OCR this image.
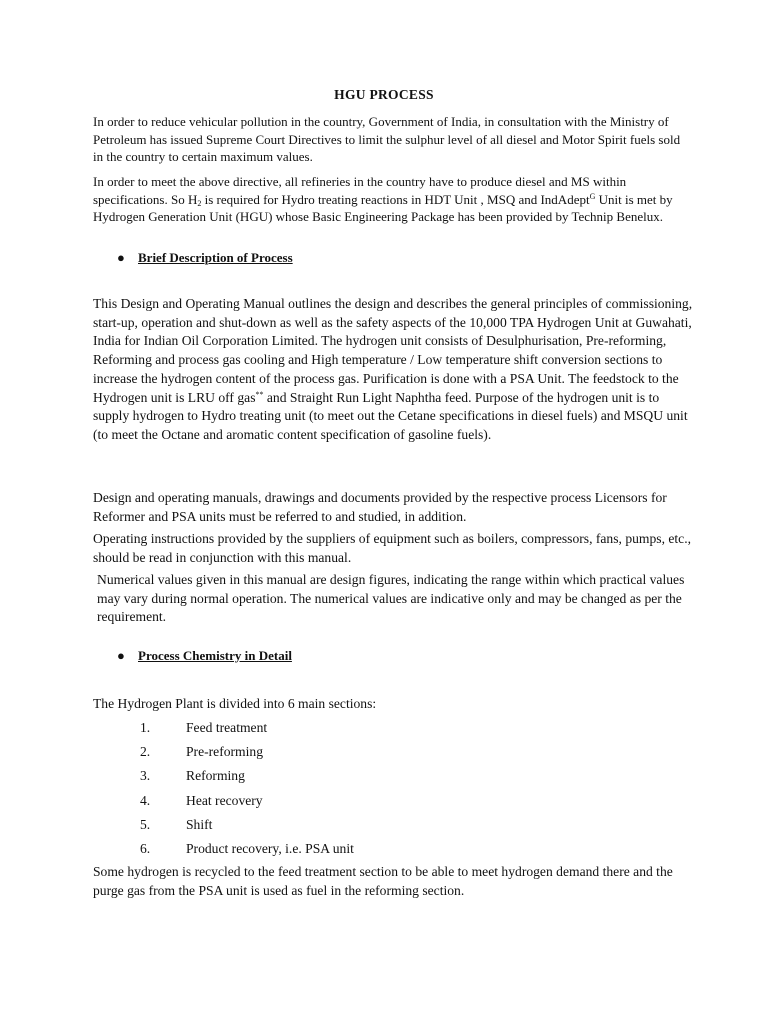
HGU PROCESS
In order to reduce vehicular pollution in the country, Government of India, in consultation with the Ministry of Petroleum has issued Supreme Court Directives to limit the sulphur level of all diesel and Motor Spirit fuels sold in the country to certain maximum values.
In order to meet the above directive, all refineries in the country have to produce diesel and MS within specifications. So $H_2$ is required for Hydro treating reactions in HDT Unit , MSQ and IndAdept$^G$ Unit is met by Hydrogen Generation Unit (HGU) whose Basic Engineering Package has been provided by Technip Benelux.
● Brief Description of Process
This Design and Operating Manual outlines the design and describes the general principles of commissioning, start-up, operation and shut-down as well as the safety aspects of the 10,000 TPA Hydrogen Unit at Guwahati, India for Indian Oil Corporation Limited. The hydrogen unit consists of Desulphurisation, Pre-reforming, Reforming and process gas cooling and High temperature / Low temperature shift conversion sections to increase the hydrogen content of the process gas. Purification is done with a PSA Unit. The feedstock to the Hydrogen unit is LRU off gas** and Straight Run Light Naphtha feed. Purpose of the hydrogen unit is to supply hydrogen to Hydro treating unit (to meet out the Cetane specifications in diesel fuels) and MSQU unit (to meet the Octane and aromatic content specification of gasoline fuels).
Design and operating manuals, drawings and documents provided by the respective process Licensors for Reformer and PSA units must be referred to and studied, in addition.
Operating instructions provided by the suppliers of equipment such as boilers, compressors, fans, pumps, etc., should be read in conjunction with this manual.
Numerical values given in this manual are design figures, indicating the range within which practical values may vary during normal operation. The numerical values are indicative only and may be changed as per the requirement.
● Process Chemistry in Detail
The Hydrogen Plant is divided into 6 main sections:
1.	Feed treatment
2.	Pre-reforming
3.	Reforming
4.	Heat recovery
5.	Shift
6.	Product recovery, i.e. PSA unit
Some hydrogen is recycled to the feed treatment section to be able to meet hydrogen demand there and the purge gas from the PSA unit is used as fuel in the reforming section.
